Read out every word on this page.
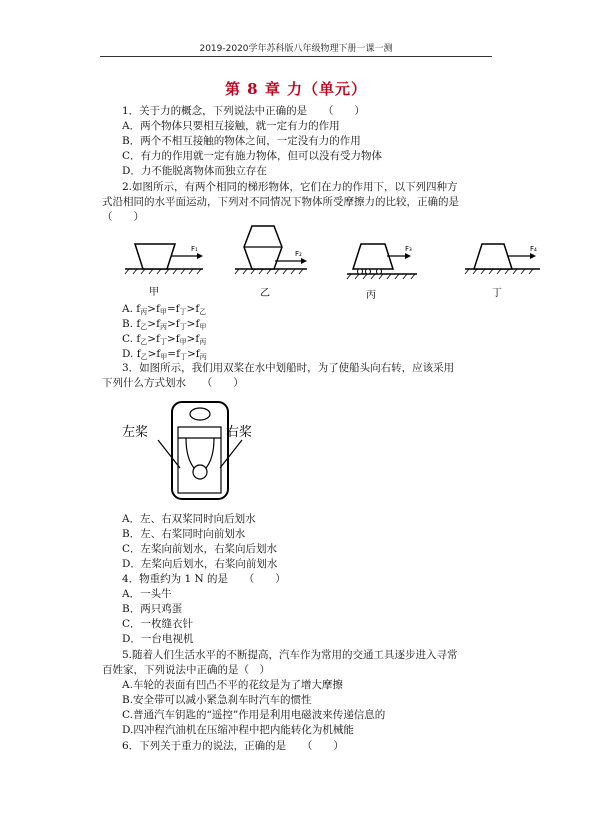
2019-2020学年苏科版八年级物理下册一课一测
第 8 章 力（单元）
1．关于力的概念，下列说法中正确的是　　（　　）
A．两个物体只要相互接触，就一定有力的作用
B．两个不相互接触的物体之间，一定没有力的作用
C．有力的作用就一定有施力物体，但可以没有受力物体
D．力不能脱离物体而独立存在
2.如图所示，有两个相同的梯形物体，它们在力的作用下，以下列四种方
式沿相同的水平面运动，下列对不同情况下物体所受摩擦力的比较，正确的是
（　　）
F₁
甲
F₂
乙
F₃
丙
F₄
丁
A. $f_丙>f_甲=f_丁>f_乙$
B. $f_乙>f_丙>f_丁>f_甲$
C. $f_乙>f_丁>f_甲>f_丙$
D. $f_乙>f_甲=f_丁>f_丙$
3．如图所示，我们用双桨在水中划船时，为了使船头向右转，应该采用
下列什么方式划水　　（　　）
左桨	右桨
A．左、右双桨同时向后划水
B．左、右桨同时向前划水
C．左桨向前划水，右桨向后划水
D．左桨向后划水，右桨向前划水
4．物重约为 1 N 的是　　（　　）
A．一头牛
B．两只鸡蛋
C．一枚缝衣针
D．一台电视机
5.随着人们生活水平的不断提高，汽车作为常用的交通工具逐步进入寻常
百姓家，下列说法中正确的是（　）
A.车轮的表面有凹凸不平的花纹是为了增大摩擦
B.安全带可以减小紧急刹车时汽车的惯性
C.普通汽车钥匙的“遥控”作用是利用电磁波来传递信息的
D.四冲程汽油机在压缩冲程中把内能转化为机械能
6．下列关于重力的说法，正确的是　　（　　）
